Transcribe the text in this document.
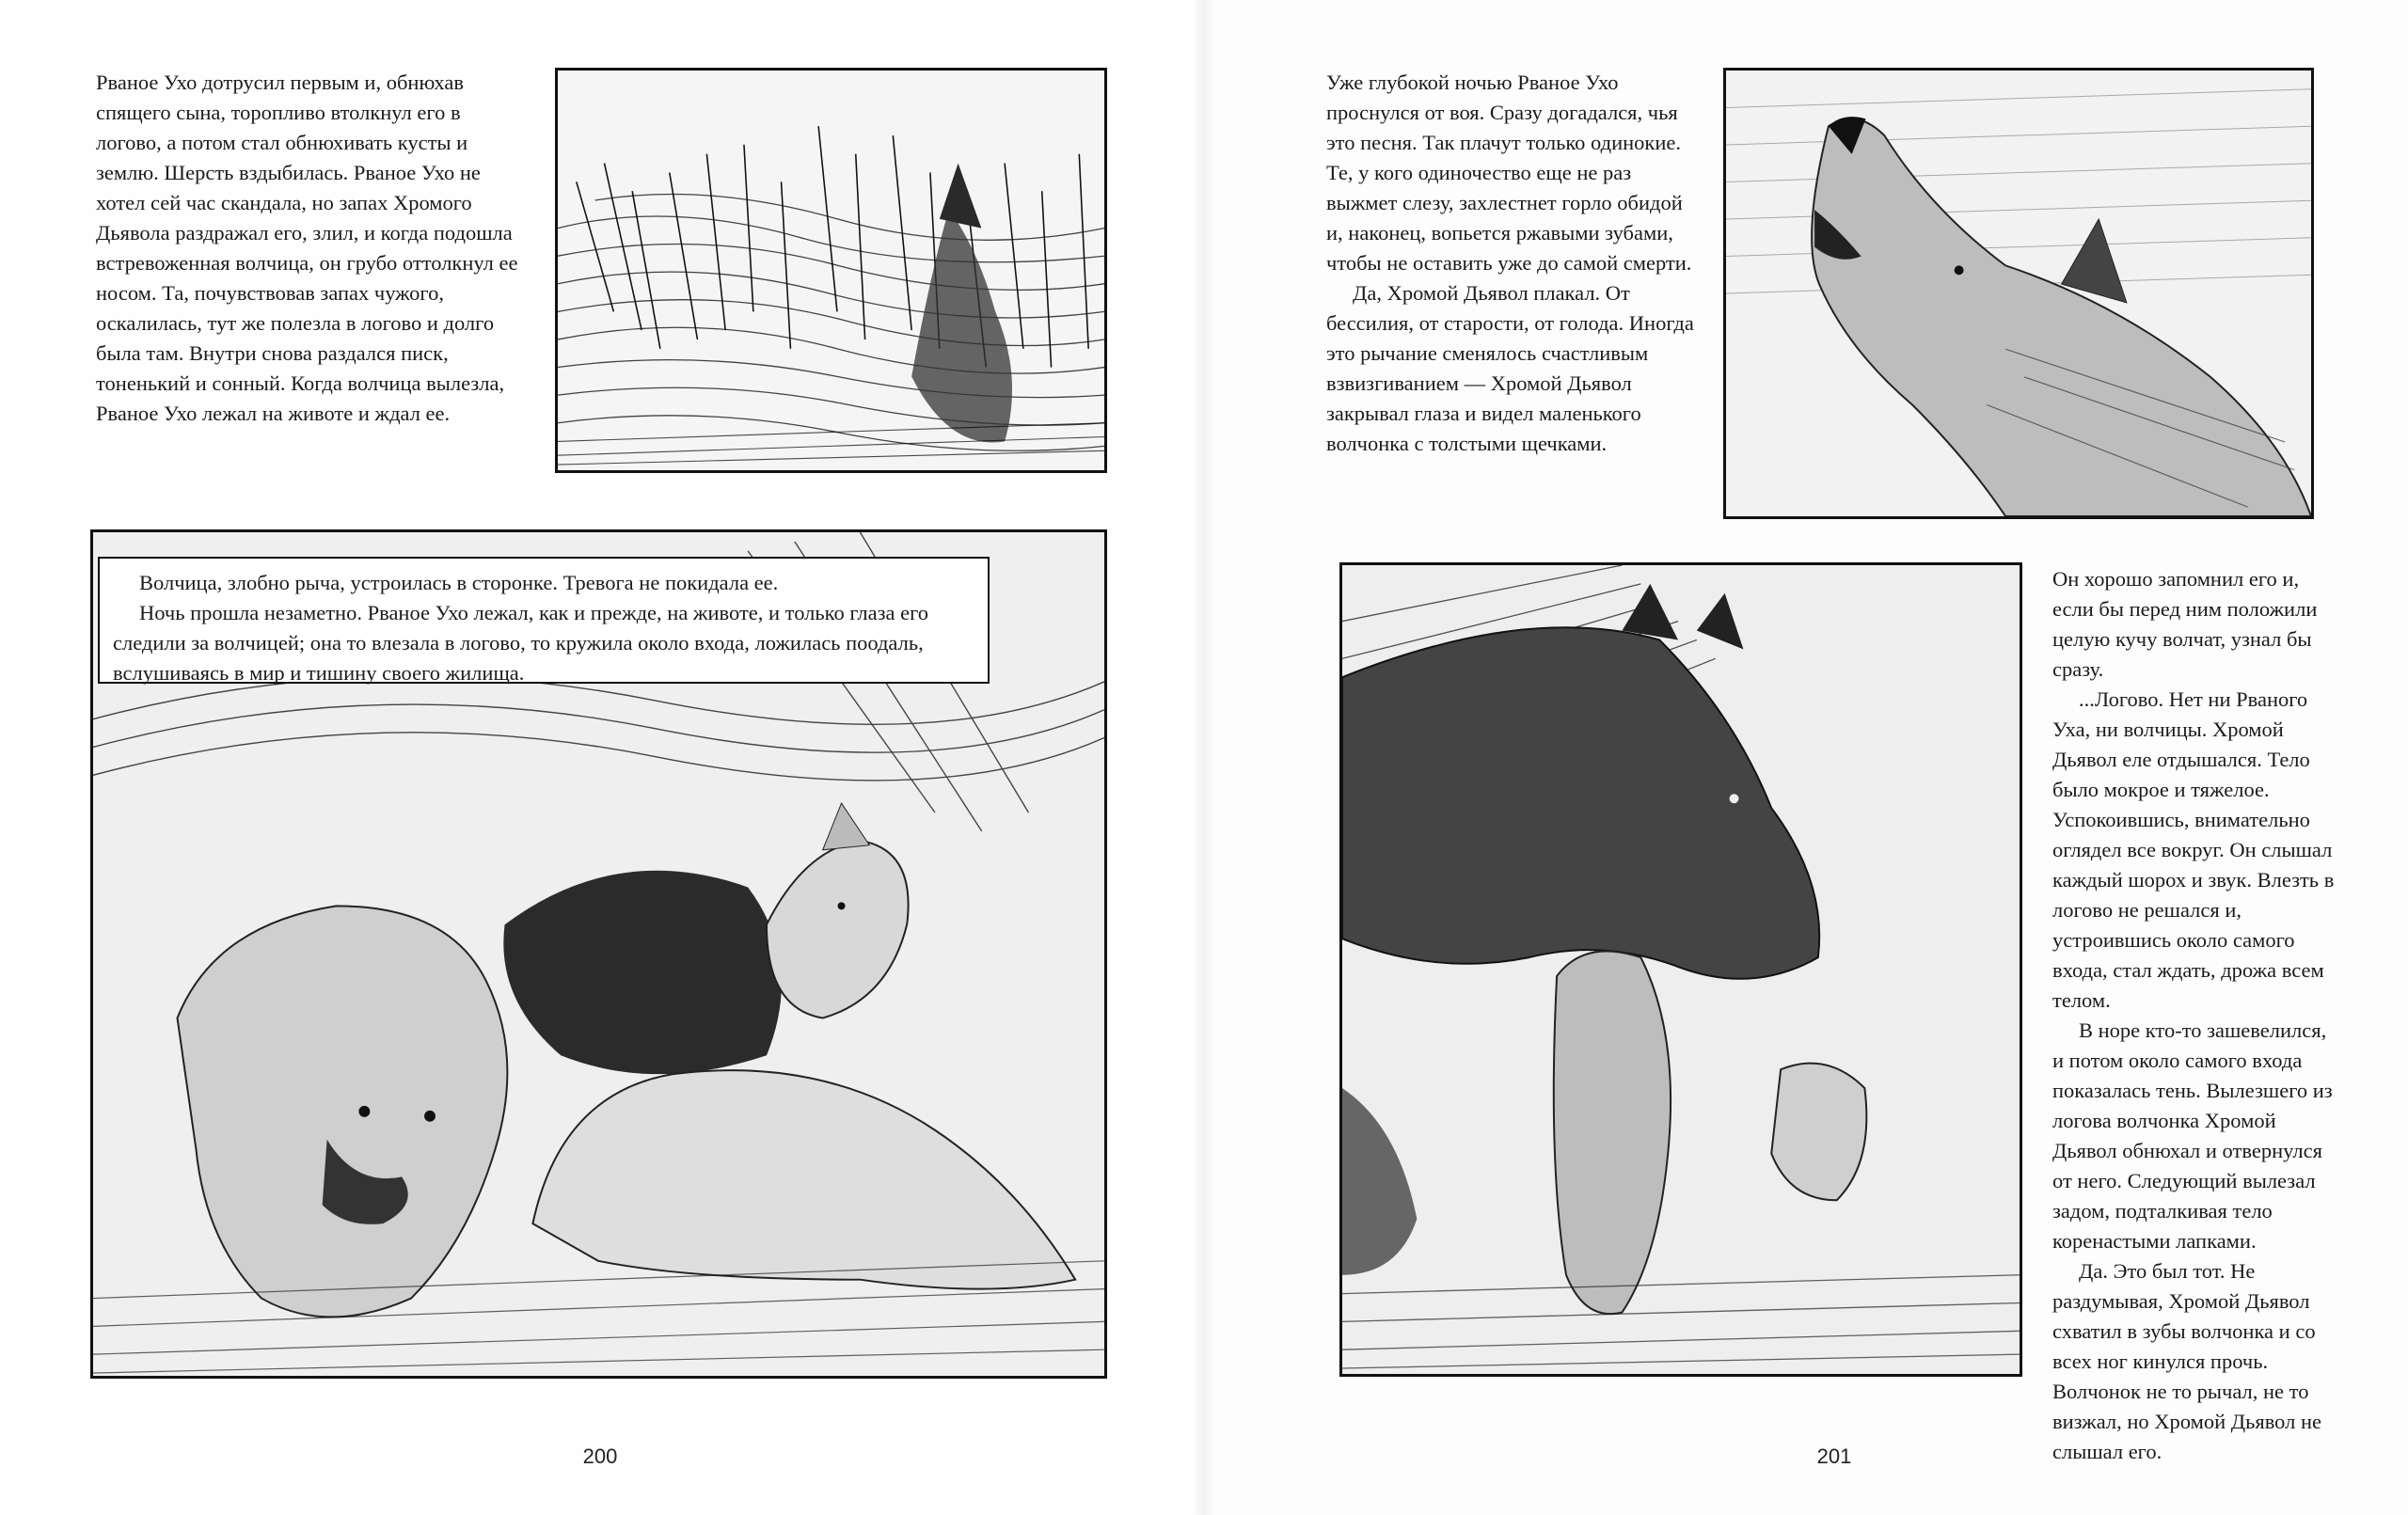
Рваное Ухо дотрусил первым и, обнюхав спящего сына, торопливо втолкнул его в логово, а потом стал обнюхивать кусты и землю. Шерсть вздыбилась. Рваное Ухо не хотел сей час скандала, но запах Хромого Дьявола раздражал его, злил, и когда подошла встревоженная волчица, он грубо оттолкнул ее носом. Та, почувствовав запах чужого, оскалилась, тут же полезла в логово и долго была там. Внутри снова раздался писк, тоненький и сонный. Когда волчица вылезла, Рваное Ухо лежал на животе и ждал ее.

Волчица, злобно рыча, устроилась в сторонке. Тревога не покидала ее.

Ночь прошла незаметно. Рваное Ухо лежал, как и прежде, на животе, и только глаза его следили за волчицей; она то влезала в логово, то кружила около входа, ложилась поодаль, вслушиваясь в мир и тишину своего жилища.

200

Уже глубокой ночью Рваное Ухо проснулся от воя. Сразу догадался, чья это песня. Так плачут только одинокие. Те, у кого одиночество еще не раз выжмет слезу, захлестнет горло обидой и, наконец, вопьется ржавыми зубами, чтобы не оставить уже до самой смерти.

Да, Хромой Дьявол плакал. От бессилия, от старости, от голода. Иногда это рычание сменялось счастливым взвизгиванием — Хромой Дьявол закрывал глаза и видел маленького волчонка с толстыми щечками.

Он хорошо запомнил его и, если бы перед ним положили целую кучу волчат, узнал бы сразу.

...Логово. Нет ни Рваного Уха, ни волчицы. Хромой Дьявол еле отдышался. Тело было мокрое и тяжелое. Успокоившись, внимательно оглядел все вокруг. Он слышал каждый шорох и звук. Влезть в логово не решался и, устроившись около самого входа, стал ждать, дрожа всем телом.

В норе кто-то зашевелился, и потом около самого входа показалась тень. Вылезшего из логова волчонка Хромой Дьявол обнюхал и отвернулся от него. Следующий вылезал задом, подталкивая тело коренастыми лапками.

Да. Это был тот. Не раздумывая, Хромой Дьявол схватил в зубы волчонка и со всех ног кинулся прочь. Волчонок не то рычал, не то визжал, но Хромой Дьявол не слышал его.

201
